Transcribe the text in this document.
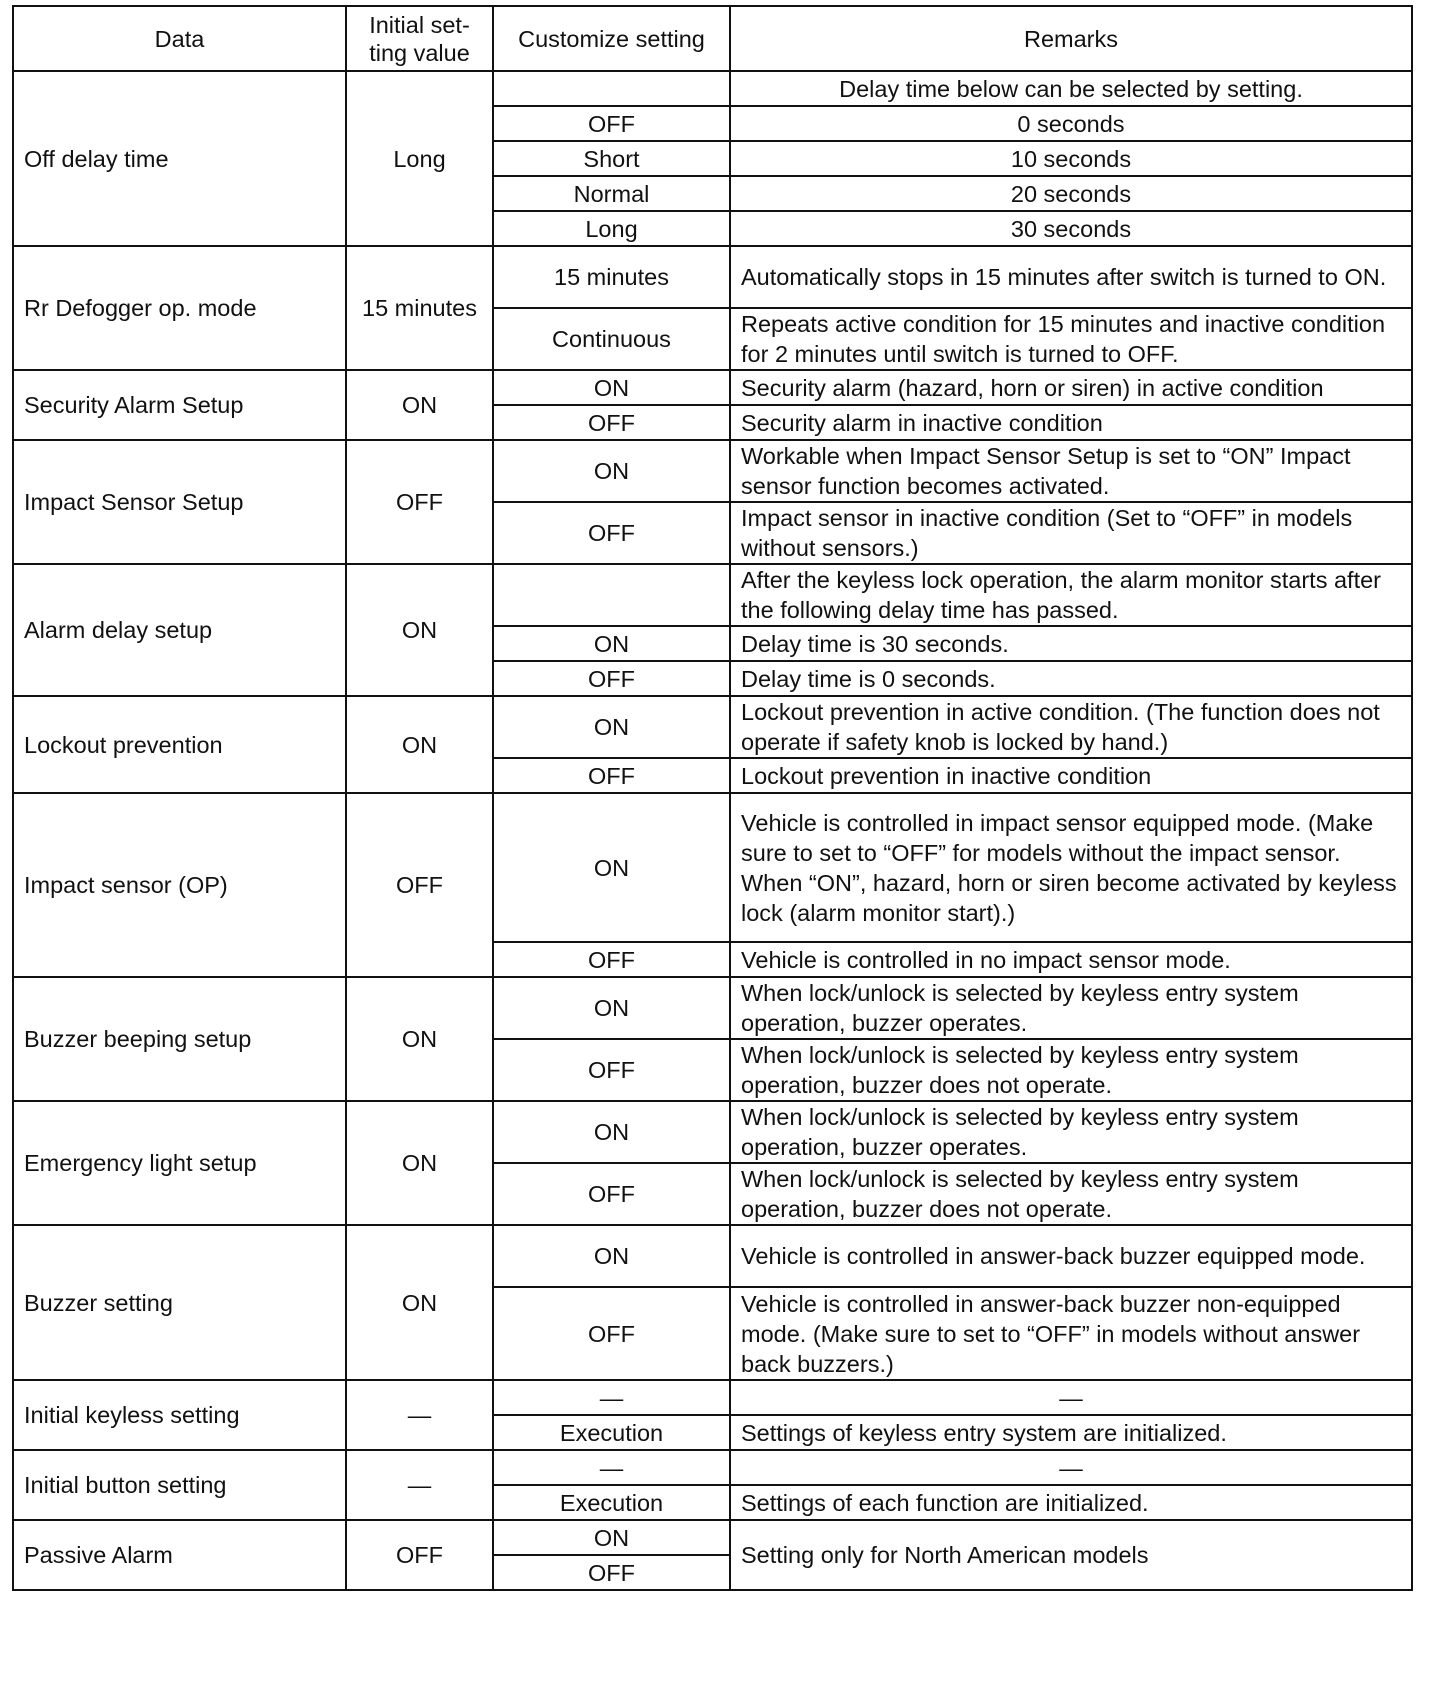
Data	Initial set-ting value	Customize setting	Remarks
Off delay time	Long		Delay time below can be selected by setting.
		OFF	0 seconds
		Short	10 seconds
		Normal	20 seconds
		Long	30 seconds
Rr Defogger op. mode	15 minutes	15 minutes	Automatically stops in 15 minutes after switch is turned to ON.
		Continuous	Repeats active condition for 15 minutes and inactive condition for 2 minutes until switch is turned to OFF.
Security Alarm Setup	ON	ON	Security alarm (hazard, horn or siren) in active condition
		OFF	Security alarm in inactive condition
Impact Sensor Setup	OFF	ON	Workable when Impact Sensor Setup is set to “ON” Impact sensor function becomes activated.
		OFF	Impact sensor in inactive condition (Set to “OFF” in models without sensors.)
Alarm delay setup	ON		After the keyless lock operation, the alarm monitor starts after the following delay time has passed.
		ON	Delay time is 30 seconds.
		OFF	Delay time is 0 seconds.
Lockout prevention	ON	ON	Lockout prevention in active condition. (The function does not operate if safety knob is locked by hand.)
		OFF	Lockout prevention in inactive condition
Impact sensor (OP)	OFF	ON	Vehicle is controlled in impact sensor equipped mode. (Make sure to set to “OFF” for models without the impact sensor. When “ON”, hazard, horn or siren become activated by keyless lock (alarm monitor start).)
		OFF	Vehicle is controlled in no impact sensor mode.
Buzzer beeping setup	ON	ON	When lock/unlock is selected by keyless entry system operation, buzzer operates.
		OFF	When lock/unlock is selected by keyless entry system operation, buzzer does not operate.
Emergency light setup	ON	ON	When lock/unlock is selected by keyless entry system operation, buzzer operates.
		OFF	When lock/unlock is selected by keyless entry system operation, buzzer does not operate.
Buzzer setting	ON	ON	Vehicle is controlled in answer-back buzzer equipped mode.
		OFF	Vehicle is controlled in answer-back buzzer non-equipped mode. (Make sure to set to “OFF” in models without answer back buzzers.)
Initial keyless setting	—	—	—
		Execution	Settings of keyless entry system are initialized.
Initial button setting	—	—	—
		Execution	Settings of each function are initialized.
Passive Alarm	OFF	ON	Setting only for North American models
		OFF	
